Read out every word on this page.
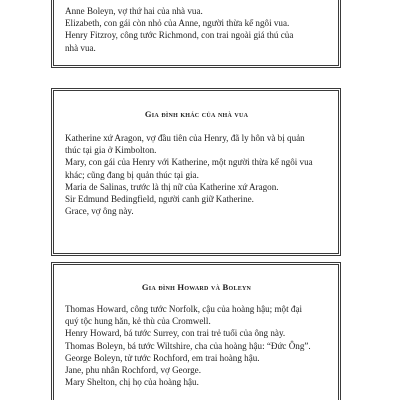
Anne Boleyn, vợ thứ hai của nhà vua.
Elizabeth, con gái còn nhỏ của Anne, người thừa kế ngôi vua.
Henry Fitzroy, công tước Richmond, con trai ngoài giá thú của
nhà vua.
Gia đình khác của nhà vua
Katherine xứ Aragon, vợ đầu tiên của Henry, đã ly hôn và bị quản
thúc tại gia ở Kimbolton.
Mary, con gái của Henry với Katherine, một người thừa kế ngôi vua
khác; cũng đang bị quản thúc tại gia.
Maria de Salinas, trước là thị nữ của Katherine xứ Aragon.
Sir Edmund Bedingfield, người canh giữ Katherine.
Grace, vợ ông này.
Gia đình Howard và Boleyn
Thomas Howard, công tước Norfolk, cậu của hoàng hậu; một đại
quý tộc hung hăn, kẻ thù của Cromwell.
Henry Howard, bá tước Surrey, con trai trẻ tuổi của ông này.
Thomas Boleyn, bá tước Wiltshire, cha của hoàng hậu: “Đức Ông”.
George Boleyn, tử tước Rochford, em trai hoàng hậu.
Jane, phu nhân Rochford, vợ George.
Mary Shelton, chị họ của hoàng hậu.
